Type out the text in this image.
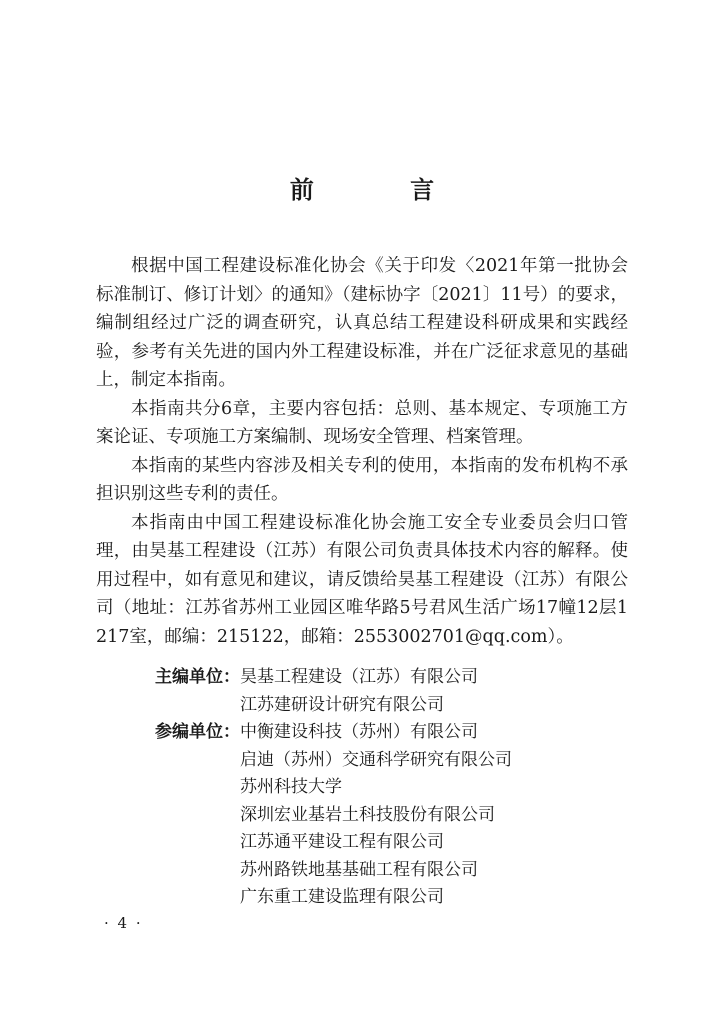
前 言

根据中国工程建设标准化协会《关于印发〈2021年第一批协会标准制订、修订计划〉的通知》（建标协字〔2021〕11号）的要求，编制组经过广泛的调查研究，认真总结工程建设科研成果和实践经验，参考有关先进的国内外工程建设标准，并在广泛征求意见的基础上，制定本指南。

本指南共分6章，主要内容包括：总则、基本规定、专项施工方案论证、专项施工方案编制、现场安全管理、档案管理。

本指南的某些内容涉及相关专利的使用，本指南的发布机构不承担识别这些专利的责任。

本指南由中国工程建设标准化协会施工安全专业委员会归口管理，由昊基工程建设（江苏）有限公司负责具体技术内容的解释。使用过程中，如有意见和建议，请反馈给昊基工程建设（江苏）有限公司（地址：江苏省苏州工业园区唯华路5号君风生活广场17幢12层1217室，邮编：215122，邮箱：2553002701@qq.com）。

主编单位： 昊基工程建设（江苏）有限公司
江苏建研设计研究有限公司
参编单位： 中衡建设科技（苏州）有限公司
启迪（苏州）交通科学研究有限公司
苏州科技大学
深圳宏业基岩土科技股份有限公司
江苏通平建设工程有限公司
苏州路铁地基基础工程有限公司
广东重工建设监理有限公司
· 4 ·
